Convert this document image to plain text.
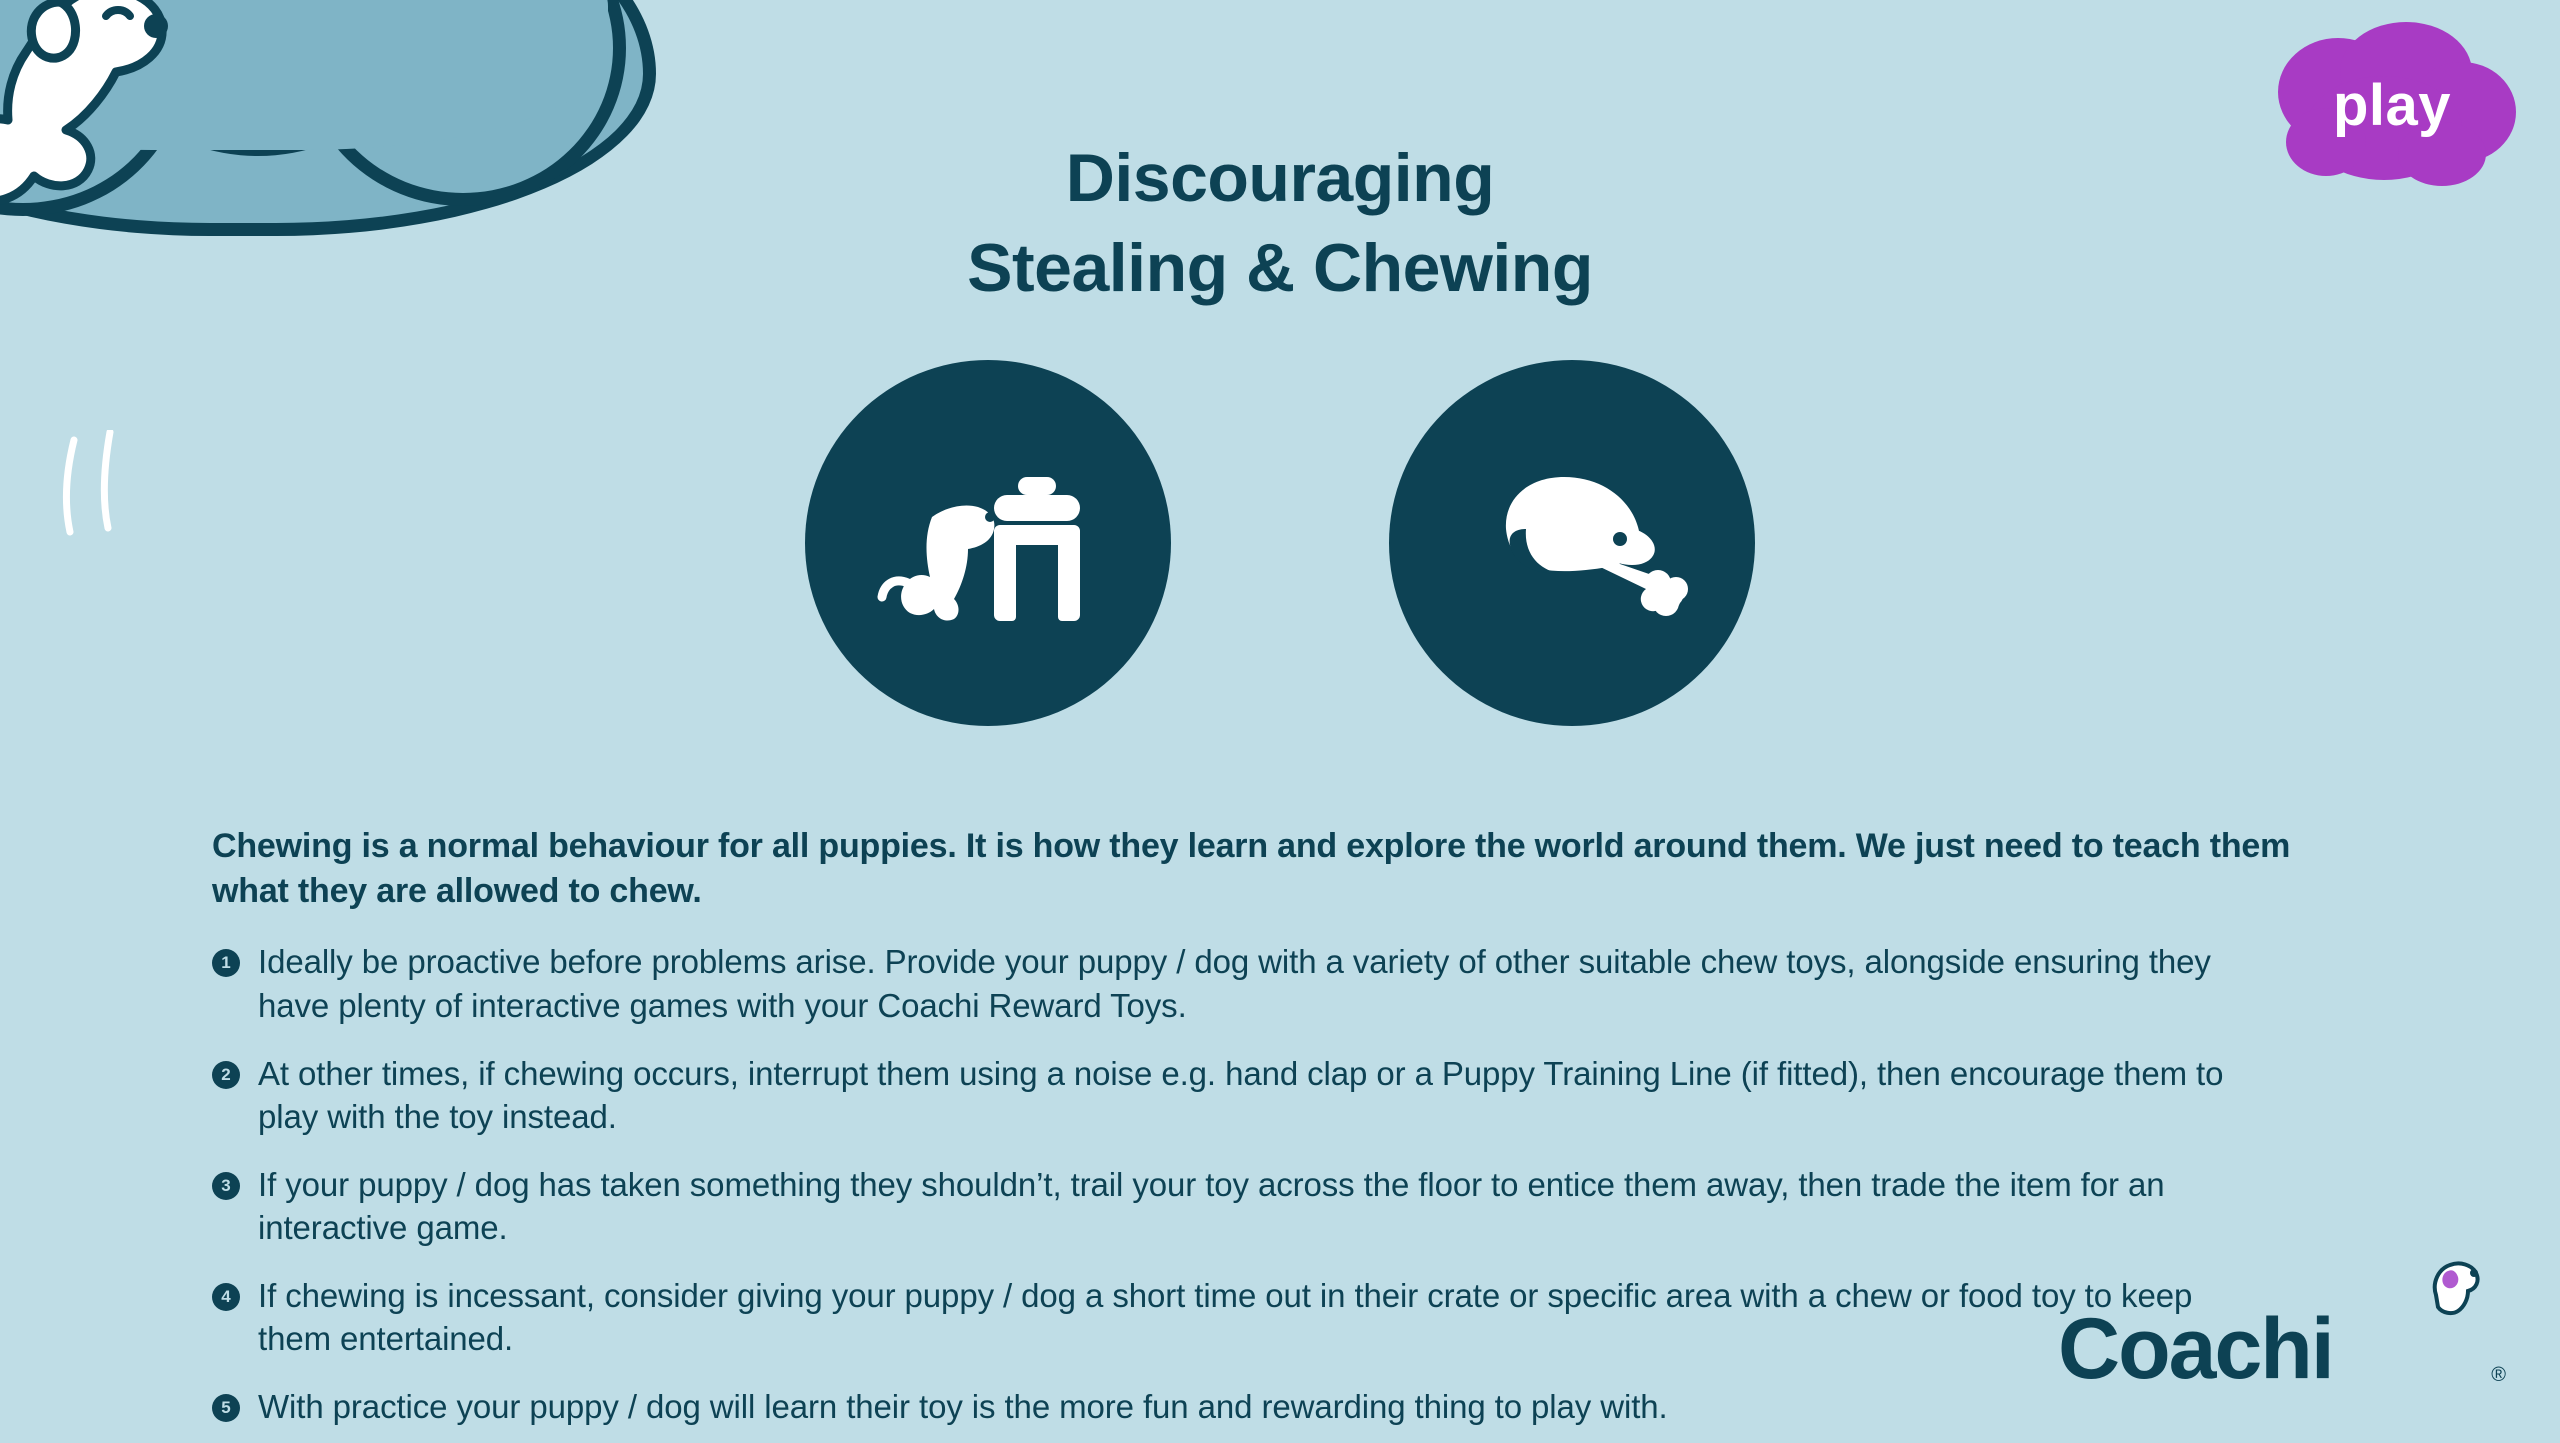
play
Discouraging
Stealing & Chewing

Chewing is a normal behaviour for all puppies. It is how they learn and explore the world around them. We just need to teach them what they are allowed to chew.

1 Ideally be proactive before problems arise. Provide your puppy / dog with a variety of other suitable chew toys, alongside ensuring they have plenty of interactive games with your Coachi Reward Toys.
2 At other times, if chewing occurs, interrupt them using a noise e.g. hand clap or a Puppy Training Line (if fitted), then encourage them to play with the toy instead.
3 If your puppy / dog has taken something they shouldn’t, trail your toy across the floor to entice them away, then trade the item for an interactive game.
4 If chewing is incessant, consider giving your puppy / dog a short time out in their crate or specific area with a chew or food toy to keep them entertained.
5 With practice your puppy / dog will learn their toy is the more fun and rewarding thing to play with.
Coachi	®
